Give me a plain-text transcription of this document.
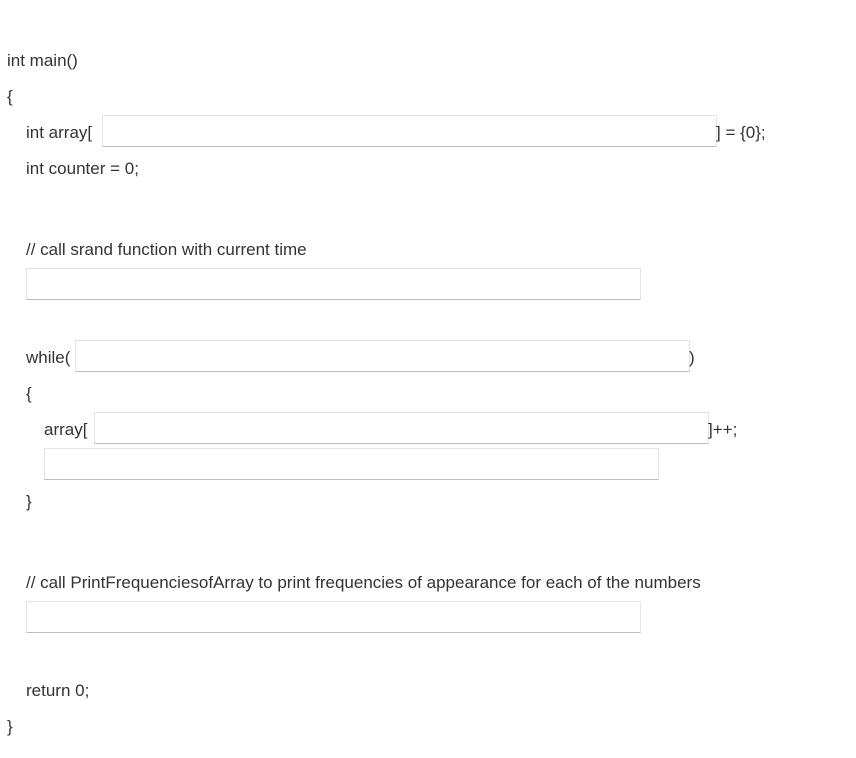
int main()
{
int array[	] = {0};
int counter = 0;
// call srand function with current time
while(	)
{
array[	]++;
}
// call PrintFrequenciesofArray to print frequencies of appearance for each of the numbers
return 0;
}
